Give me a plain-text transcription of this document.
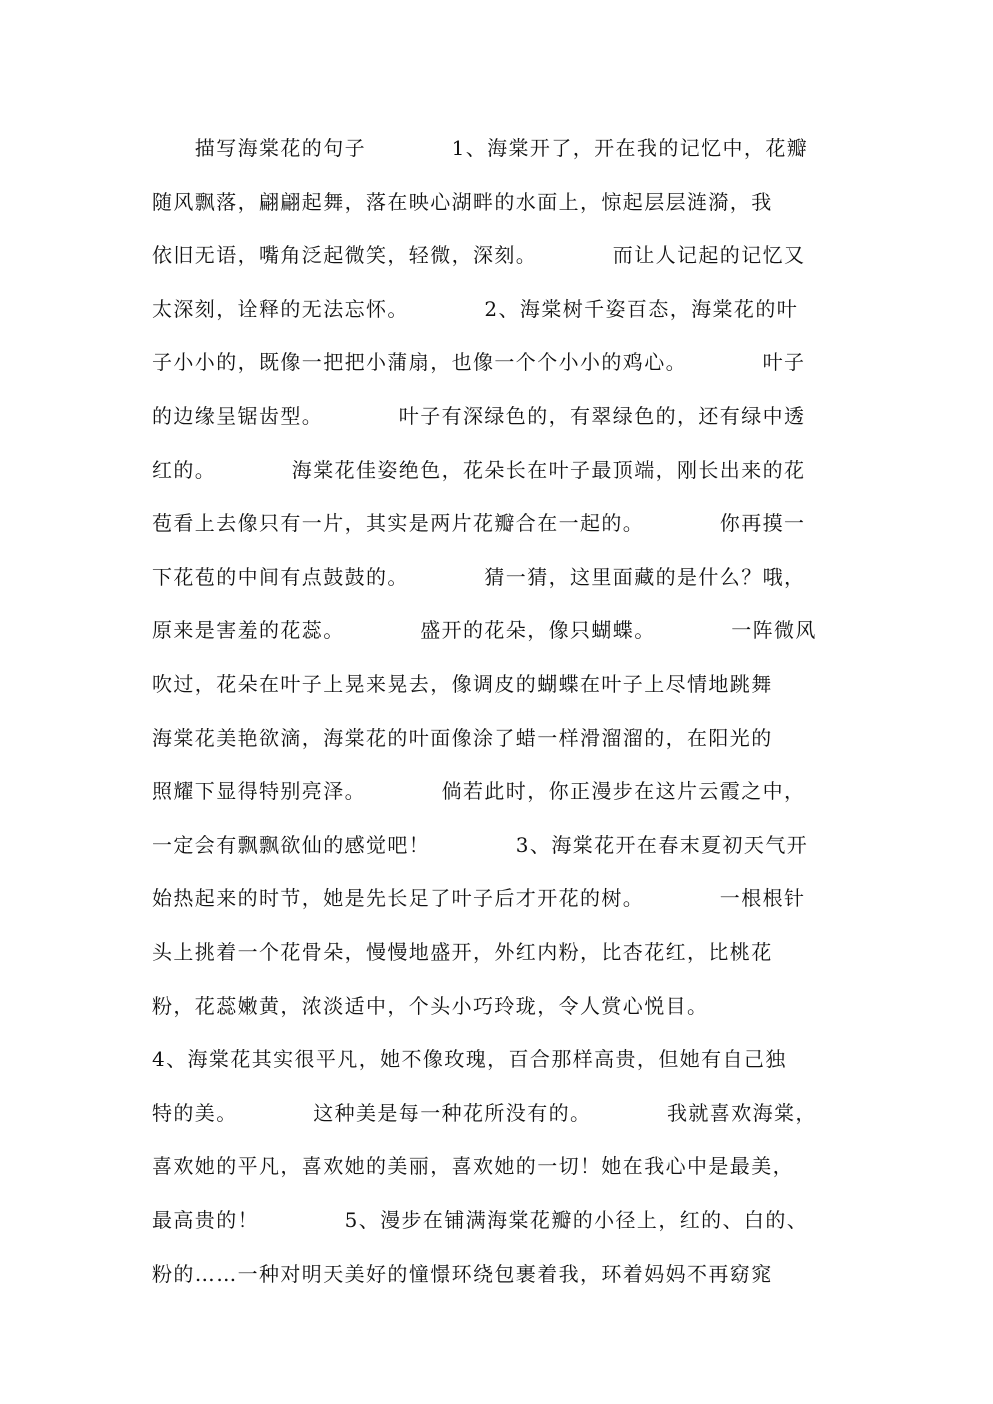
　　描写海棠花的句子　　　　1、海棠开了，开在我的记忆中，花瓣
随风飘落，翩翩起舞，落在映心湖畔的水面上，惊起层层涟漪，我
依旧无语，嘴角泛起微笑，轻微，深刻。　　　　而让人记起的记忆又
太深刻，诠释的无法忘怀。　　　　2、海棠树千姿百态，海棠花的叶
子小小的，既像一把把小蒲扇，也像一个个小小的鸡心。　　　　叶子
的边缘呈锯齿型。　　　　叶子有深绿色的，有翠绿色的，还有绿中透
红的。　　　　海棠花佳姿绝色，花朵长在叶子最顶端，刚长出来的花
苞看上去像只有一片，其实是两片花瓣合在一起的。　　　　你再摸一
下花苞的中间有点鼓鼓的。　　　　猜一猜，这里面藏的是什么？哦，
原来是害羞的花蕊。　　　　盛开的花朵，像只蝴蝶。　　　　一阵微风
吹过，花朵在叶子上晃来晃去，像调皮的蝴蝶在叶子上尽情地跳舞
海棠花美艳欲滴，海棠花的叶面像涂了蜡一样滑溜溜的，在阳光的
照耀下显得特别亮泽。　　　　倘若此时，你正漫步在这片云霞之中，
一定会有飘飘欲仙的感觉吧！　　　　3、海棠花开在春末夏初天气开
始热起来的时节，她是先长足了叶子后才开花的树。　　　　一根根针
头上挑着一个花骨朵，慢慢地盛开，外红内粉，比杏花红，比桃花
粉，花蕊嫩黄，浓淡适中，个头小巧玲珑，令人赏心悦目。
4、海棠花其实很平凡，她不像玫瑰，百合那样高贵，但她有自己独
特的美。　　　　这种美是每一种花所没有的。　　　　我就喜欢海棠，
喜欢她的平凡，喜欢她的美丽，喜欢她的一切！她在我心中是最美，
最高贵的！　　　　5、漫步在铺满海棠花瓣的小径上，红的、白的、
粉的……一种对明天美好的憧憬环绕包裹着我，环着妈妈不再窈窕
